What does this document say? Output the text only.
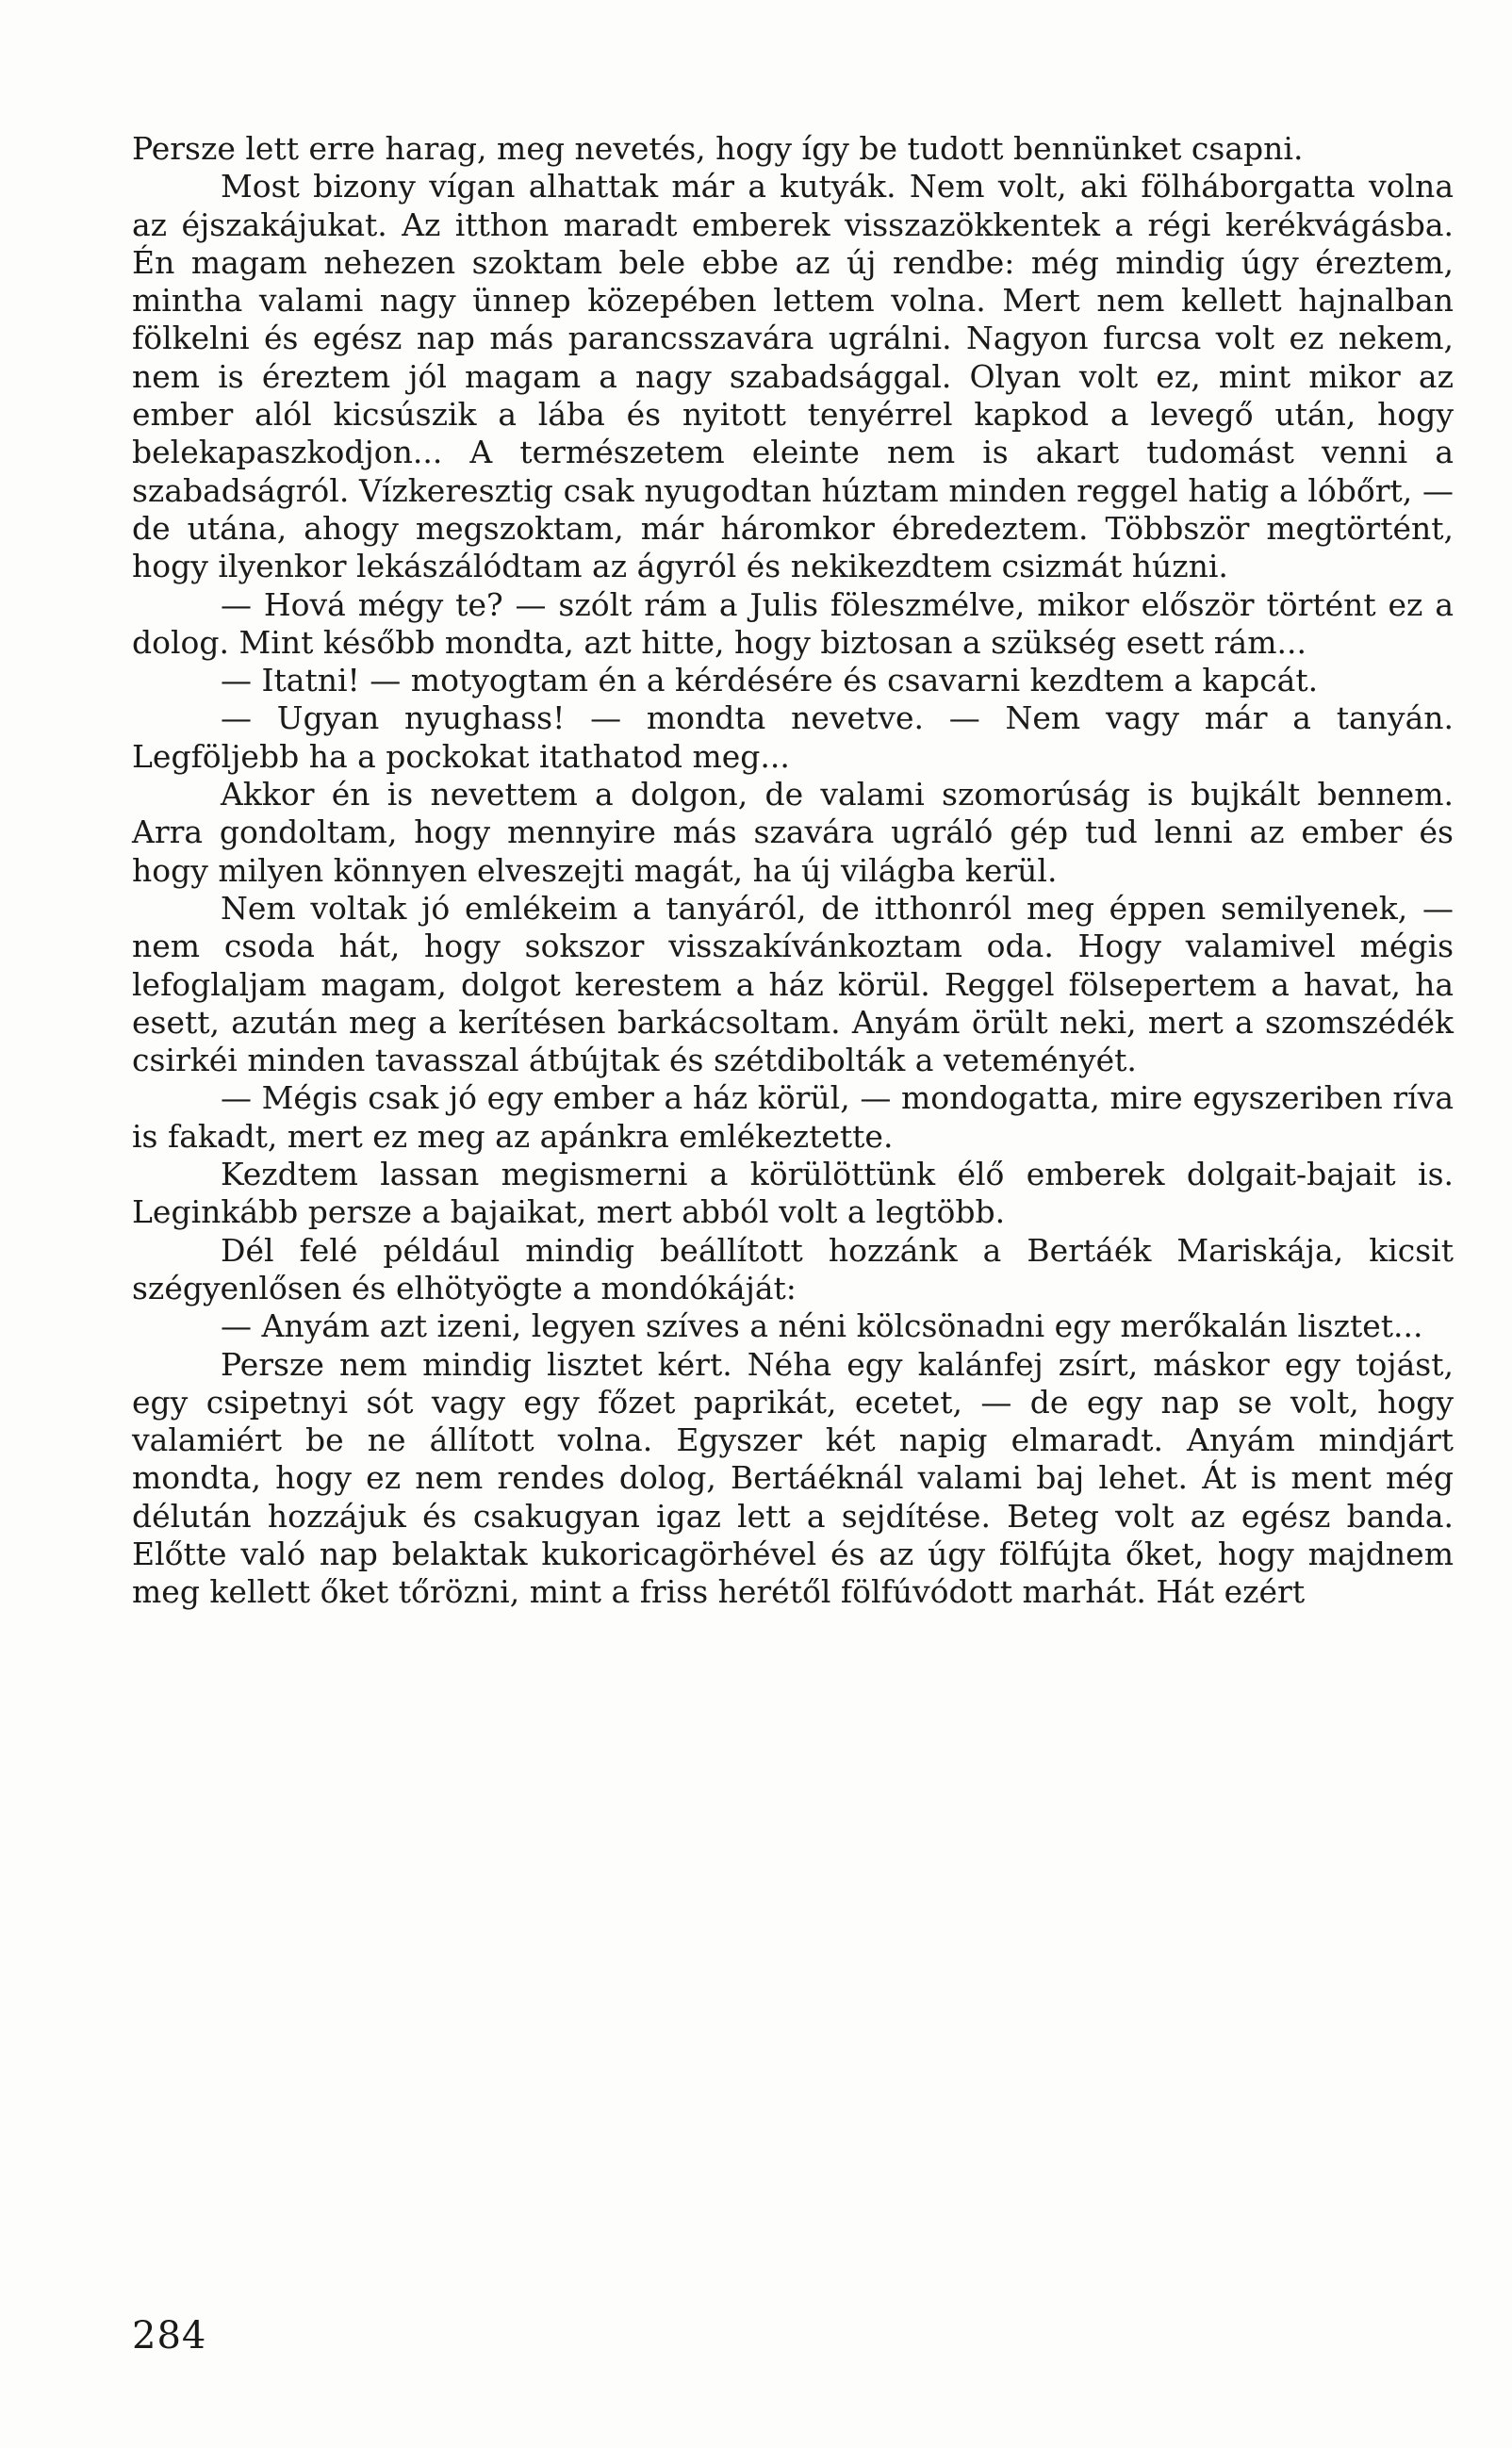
Persze lett erre harag, meg nevetés, hogy így be tudott bennünket csapni.

Most bizony vígan alhattak már a kutyák. Nem volt, aki fölháborgatta volna az éjszakájukat. Az itthon maradt emberek visszazökkentek a régi kerékvágásba. Én magam nehezen szoktam bele ebbe az új rendbe: még mindig úgy éreztem, mintha valami nagy ünnep közepében lettem volna. Mert nem kellett hajnalban fölkelni és egész nap más parancsszavára ugrálni. Nagyon furcsa volt ez nekem, nem is éreztem jól magam a nagy szabadsággal. Olyan volt ez, mint mikor az ember alól kicsúszik a lába és nyitott tenyérrel kapkod a levegő után, hogy belekapaszkodjon... A természetem eleinte nem is akart tudomást venni a szabadságról. Vízkeresztig csak nyugodtan húztam minden reggel hatig a lóbőrt, — de utána, ahogy megszoktam, már háromkor ébredeztem. Többször megtörtént, hogy ilyenkor lekászálódtam az ágyról és nekikezdtem csizmát húzni.

— Hová mégy te? — szólt rám a Julis föleszmélve, mikor először történt ez a dolog. Mint később mondta, azt hitte, hogy biztosan a szükség esett rám...

— Itatni! — motyogtam én a kérdésére és csavarni kezdtem a kapcát.

— Ugyan nyughass! — mondta nevetve. — Nem vagy már a tanyán. Legföljebb ha a pockokat itathatod meg...

Akkor én is nevettem a dolgon, de valami szomorúság is bujkált bennem. Arra gondoltam, hogy mennyire más szavára ugráló gép tud lenni az ember és hogy milyen könnyen elveszejti magát, ha új világba kerül.

Nem voltak jó emlékeim a tanyáról, de itthonról meg éppen semilyenek, — nem csoda hát, hogy sokszor visszakívánkoztam oda. Hogy valamivel mégis lefoglaljam magam, dolgot kerestem a ház körül. Reggel fölsepertem a havat, ha esett, azután meg a kerítésen barkácsoltam. Anyám örült neki, mert a szomszédék csirkéi minden tavasszal átbújtak és szétdibolták a veteményét.

— Mégis csak jó egy ember a ház körül, — mondogatta, mire egyszeriben ríva is fakadt, mert ez meg az apánkra emlékeztette.

Kezdtem lassan megismerni a körülöttünk élő emberek dolgait-bajait is. Leginkább persze a bajaikat, mert abból volt a legtöbb.

Dél felé például mindig beállított hozzánk a Bertáék Mariskája, kicsit szégyenlősen és elhötyögte a mondókáját:

— Anyám azt izeni, legyen szíves a néni kölcsönadni egy merőkalán lisztet...

Persze nem mindig lisztet kért. Néha egy kalánfej zsírt, máskor egy tojást, egy csipetnyi sót vagy egy főzet paprikát, ecetet, — de egy nap se volt, hogy valamiért be ne állított volna. Egyszer két napig elmaradt. Anyám mindjárt mondta, hogy ez nem rendes dolog, Bertáéknál valami baj lehet. Át is ment még délután hozzájuk és csakugyan igaz lett a sejdítése. Beteg volt az egész banda. Előtte való nap belaktak kukoricagörhével és az úgy fölfújta őket, hogy majdnem meg kellett őket tőrözni, mint a friss herétől fölfúvódott marhát. Hát ezért

284
